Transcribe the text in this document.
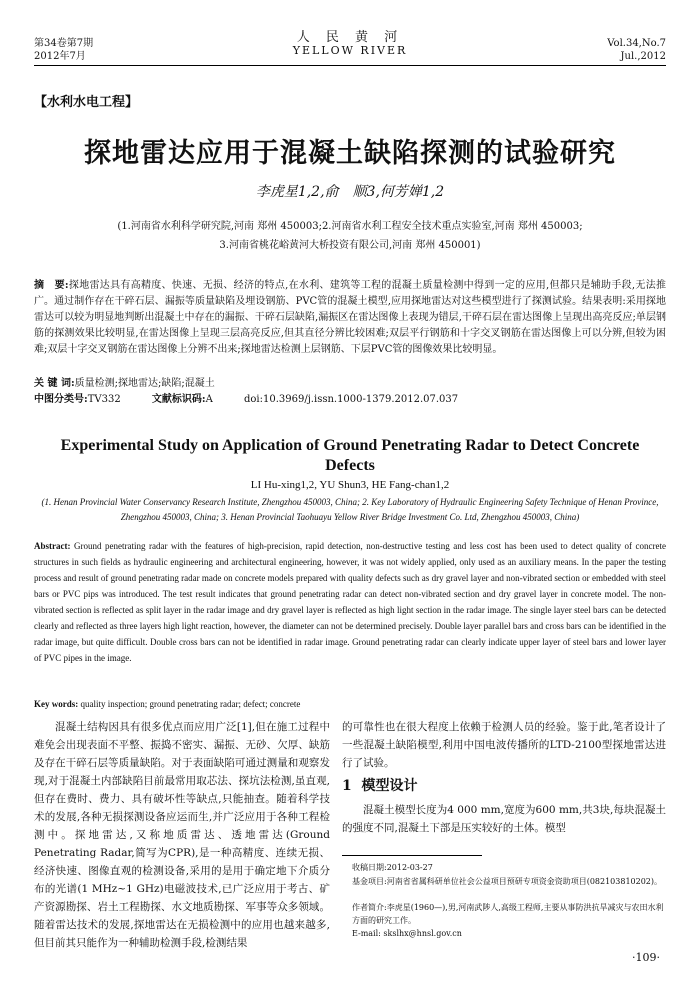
第34卷第7期
2012年7月
人 民 黄 河
YELLOW RIVER
Vol.34,No.7
Jul.,2012
【水利水电工程】
探地雷达应用于混凝土缺陷探测的试验研究
李虎星1,2,俞　顺3,何芳婵1,2
(1.河南省水利科学研究院,河南 郑州 450003;2.河南省水利工程安全技术重点实验室,河南 郑州 450003;
3.河南省桃花峪黄河大桥投资有限公司,河南 郑州 450001)
摘　要:探地雷达具有高精度、快速、无损、经济的特点,在水利、建筑等工程的混凝土质量检测中得到一定的应用,但都只是辅助手段,无法推广。通过制作存在干碎石层、漏振等质量缺陷及埋设钢筋、PVC管的混凝土模型,应用探地雷达对这些模型进行了探测试验。结果表明:采用探地雷达可以较为明显地判断出混凝土中存在的漏振、干碎石层缺陷,漏振区在雷达图像上表现为错层,干碎石层在雷达图像上呈现出高亮反应;单层钢筋的探测效果比较明显,在雷达图像上呈现三层高亮反应,但其直径分辨比较困难;双层平行钢筋和十字交叉钢筋在雷达图像上可以分辨,但较为困难;双层十字交叉钢筋在雷达图像上分辨不出来;探地雷达检测上层钢筋、下层PVC管的图像效果比较明显。
关 键 词:质量检测;探地雷达;缺陷;混凝土
中图分类号:TV332	文献标识码:A	doi:10.3969/j.issn.1000-1379.2012.07.037
Experimental Study on Application of Ground Penetrating Radar to Detect Concrete Defects
LI Hu-xing1,2, YU Shun3, HE Fang-chan1,2
(1. Henan Provincial Water Conservancy Research Institute, Zhengzhou 450003, China; 2. Key Laboratory of Hydraulic Engineering Safety Technique of Henan Province, Zhengzhou 450003, China; 3. Henan Provincial Taohuayu Yellow River Bridge Investment Co. Ltd, Zhengzhou 450003, China)
Abstract: Ground penetrating radar with the features of high-precision, rapid detection, non-destructive testing and less cost has been used to detect quality of concrete structures in such fields as hydraulic engineering and architectural engineering, however, it was not widely applied, only used as an auxiliary means. In the paper the testing process and result of ground penetrating radar made on concrete models prepared with quality defects such as dry gravel layer and non-vibrated section or embedded with steel bars or PVC pips was introduced. The test result indicates that ground penetrating radar can detect non-vibrated section and dry gravel layer in concrete model. The non-vibrated section is reflected as split layer in the radar image and dry gravel layer is reflected as high light section in the radar image. The single layer steel bars can be detected clearly and reflected as three layers high light reaction, however, the diameter can not be determined precisely. Double layer parallel bars and cross bars can be identified in the radar image, but quite difficult. Double cross bars can not be identified in radar image. Ground penetrating radar can clearly indicate upper layer of steel bars and lower layer of PVC pipes in the image.
Key words: quality inspection; ground penetrating radar; defect; concrete
混凝土结构因具有很多优点而应用广泛[1],但在施工过程中难免会出现表面不平整、振捣不密实、漏振、无砂、欠厚、缺筋及存在干碎石层等质量缺陷。对于表面缺陷可通过测量和观察发现,对于混凝土内部缺陷目前最常用取芯法、探坑法检测,虽直观,但存在费时、费力、具有破坏性等缺点,只能抽查。随着科学技术的发展,各种无损探测设备应运而生,并广泛应用于各种工程检测中。探地雷达,又称地质雷达、透地雷达(Ground Penetrating Radar,简写为CPR),是一种高精度、连续无损、经济快速、图像直观的检测设备,采用的是用于确定地下介质分布的光谱(1 MHz~1 GHz)电磁波技术,已广泛应用于考古、矿产资源勘探、岩土工程勘探、水文地质勘探、军事等众多领域。随着雷达技术的发展,探地雷达在无损检测中的应用也越来越多,但目前其只能作为一种辅助检测手段,检测结果
的可靠性也在很大程度上依赖于检测人员的经验。鉴于此,笔者设计了一些混凝土缺陷模型,利用中国电波传播所的LTD-2100型探地雷达进行了试验。
1 模型设计
混凝土模型长度为4 000 mm,宽度为600 mm,共3块,每块混凝土的强度不同,混凝土下部是压实较好的土体。模型
收稿日期:2012-03-27
基金项目:河南省省属科研单位社会公益项目预研专项资金资助项目(082103810202)。
作者简介:李虎星(1960—),男,河南武陟人,高级工程师,主要从事防洪抗旱减灾与农田水利方面的研究工作。
E-mail: skslhx@hnsl.gov.cn
·109·
